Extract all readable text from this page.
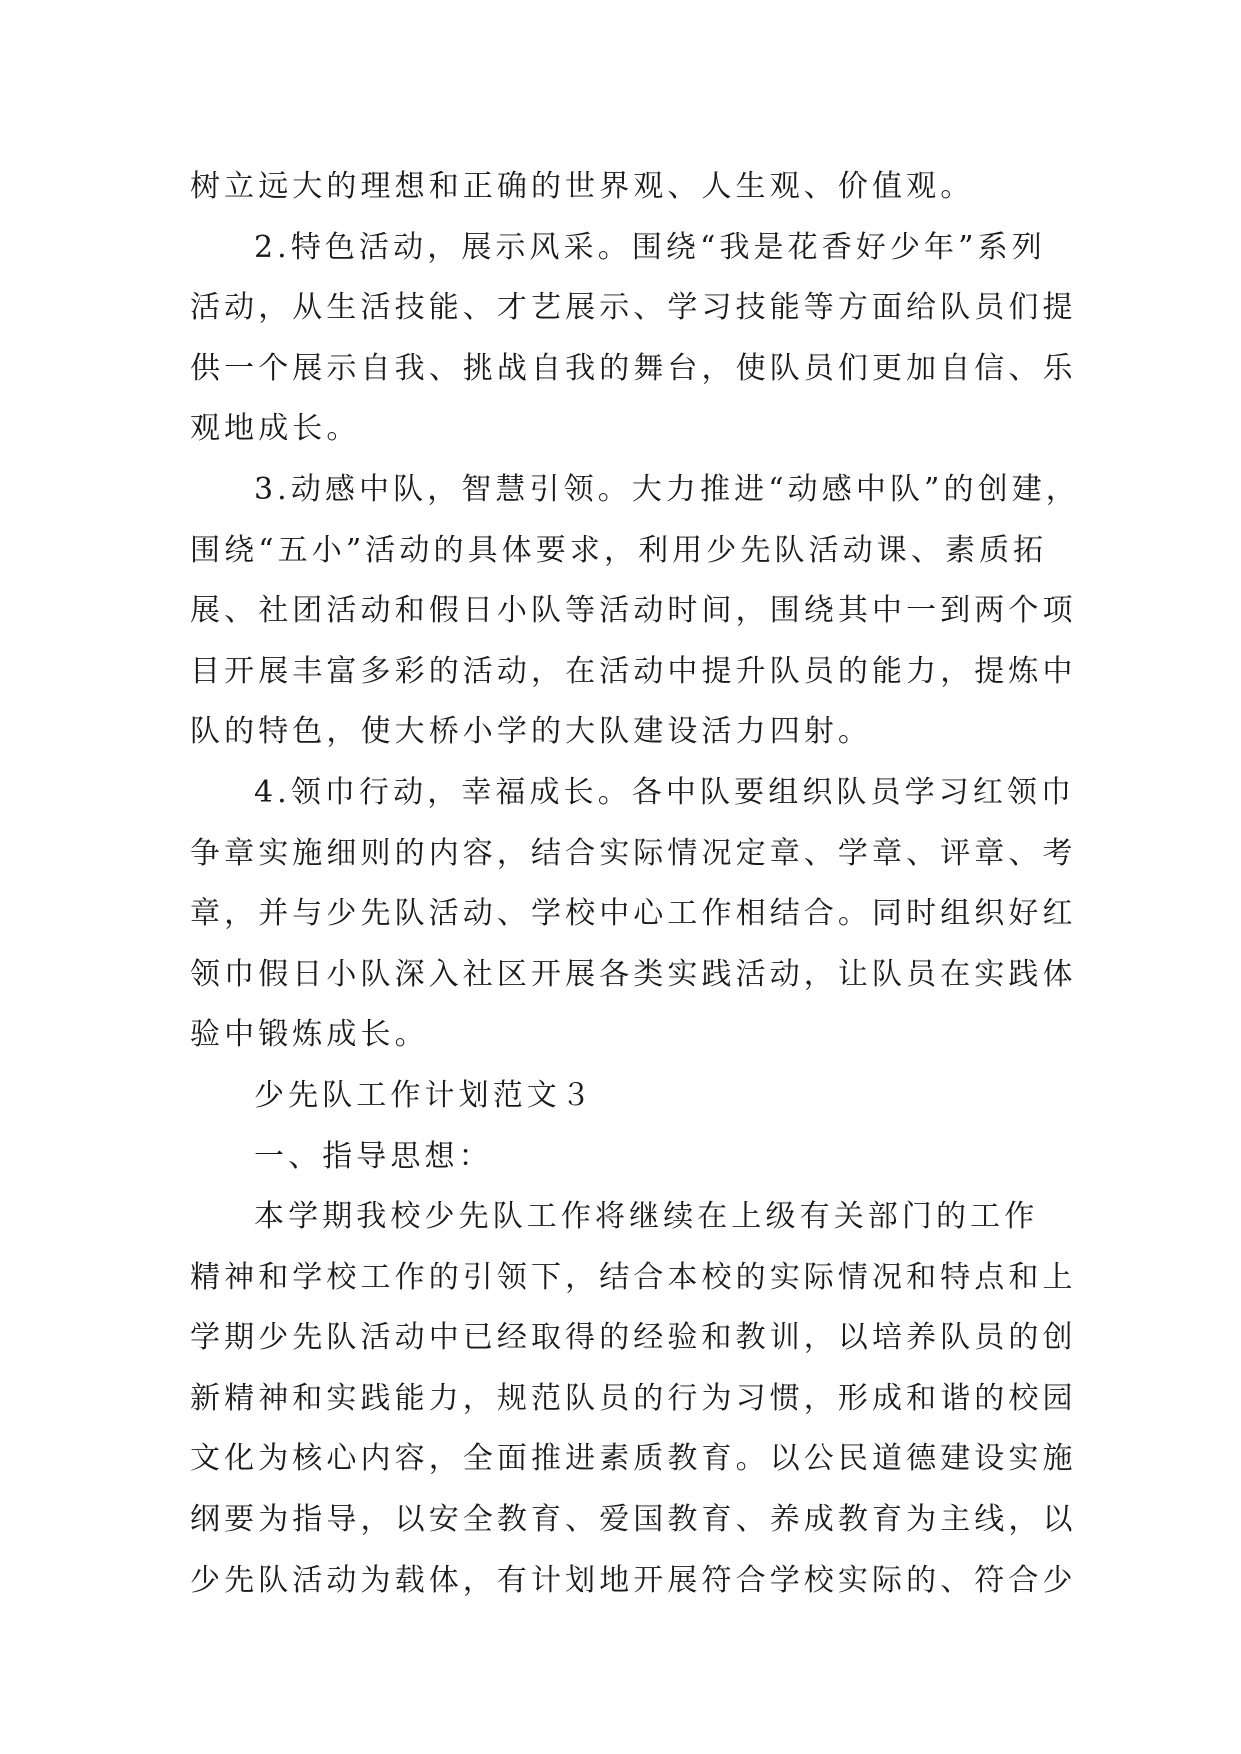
树立远大的理想和正确的世界观、人生观、价值观。
2.特色活动，展示风采。围绕“我是花香好少年”系列
活动，从生活技能、才艺展示、学习技能等方面给队员们提
供一个展示自我、挑战自我的舞台，使队员们更加自信、乐
观地成长。
3.动感中队，智慧引领。大力推进“动感中队”的创建，
围绕“五小”活动的具体要求，利用少先队活动课、素质拓
展、社团活动和假日小队等活动时间，围绕其中一到两个项
目开展丰富多彩的活动，在活动中提升队员的能力，提炼中
队的特色，使大桥小学的大队建设活力四射。
4.领巾行动，幸福成长。各中队要组织队员学习红领巾
争章实施细则的内容，结合实际情况定章、学章、评章、考
章，并与少先队活动、学校中心工作相结合。同时组织好红
领巾假日小队深入社区开展各类实践活动，让队员在实践体
验中锻炼成长。
少先队工作计划范文３
一、指导思想：
本学期我校少先队工作将继续在上级有关部门的工作
精神和学校工作的引领下，结合本校的实际情况和特点和上
学期少先队活动中已经取得的经验和教训，以培养队员的创
新精神和实践能力，规范队员的行为习惯，形成和谐的校园
文化为核心内容，全面推进素质教育。以公民道德建设实施
纲要为指导，以安全教育、爱国教育、养成教育为主线，以
少先队活动为载体，有计划地开展符合学校实际的、符合少
